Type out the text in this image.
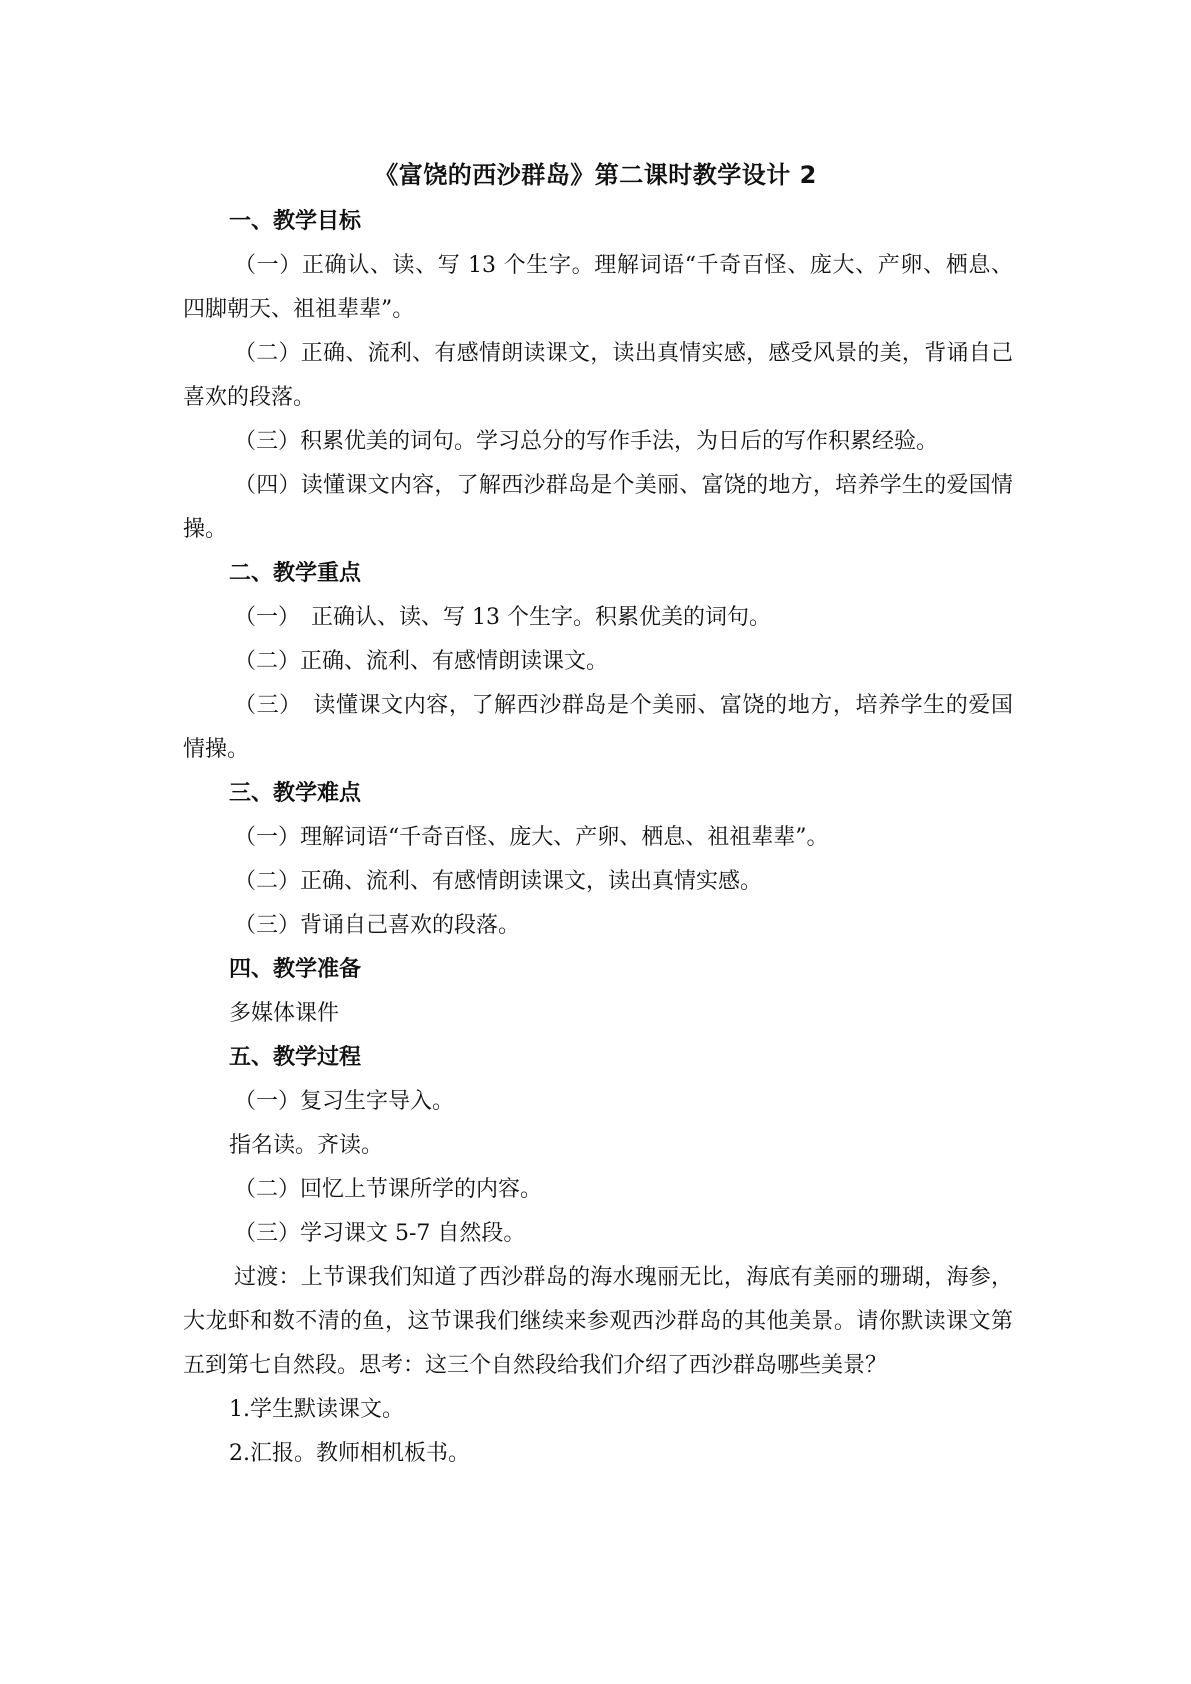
《富饶的西沙群岛》第二课时教学设计 2

一、教学目标

（一）正确认、读、写 13 个生字。理解词语“千奇百怪、庞大、产卵、栖息、四脚朝天、祖祖辈辈”。

（二）正确、流利、有感情朗读课文，读出真情实感，感受风景的美，背诵自己喜欢的段落。

（三）积累优美的词句。学习总分的写作手法，为日后的写作积累经验。

（四）读懂课文内容，了解西沙群岛是个美丽、富饶的地方，培养学生的爱国情操。

二、教学重点

（一）　正确认、读、写 13 个生字。积累优美的词句。

（二）正确、流利、有感情朗读课文。

（三）　读懂课文内容，了解西沙群岛是个美丽、富饶的地方，培养学生的爱国情操。

三、教学难点

（一）理解词语“千奇百怪、庞大、产卵、栖息、祖祖辈辈”。

（二）正确、流利、有感情朗读课文，读出真情实感。

（三）背诵自己喜欢的段落。

四、教学准备

多媒体课件

五、教学过程

（一）复习生字导入。

指名读。齐读。

（二）回忆上节课所学的内容。

（三）学习课文 5-7 自然段。

过渡：上节课我们知道了西沙群岛的海水瑰丽无比，海底有美丽的珊瑚，海参，大龙虾和数不清的鱼，这节课我们继续来参观西沙群岛的其他美景。请你默读课文第五到第七自然段。思考：这三个自然段给我们介绍了西沙群岛哪些美景？

1.学生默读课文。

2.汇报。教师相机板书。
